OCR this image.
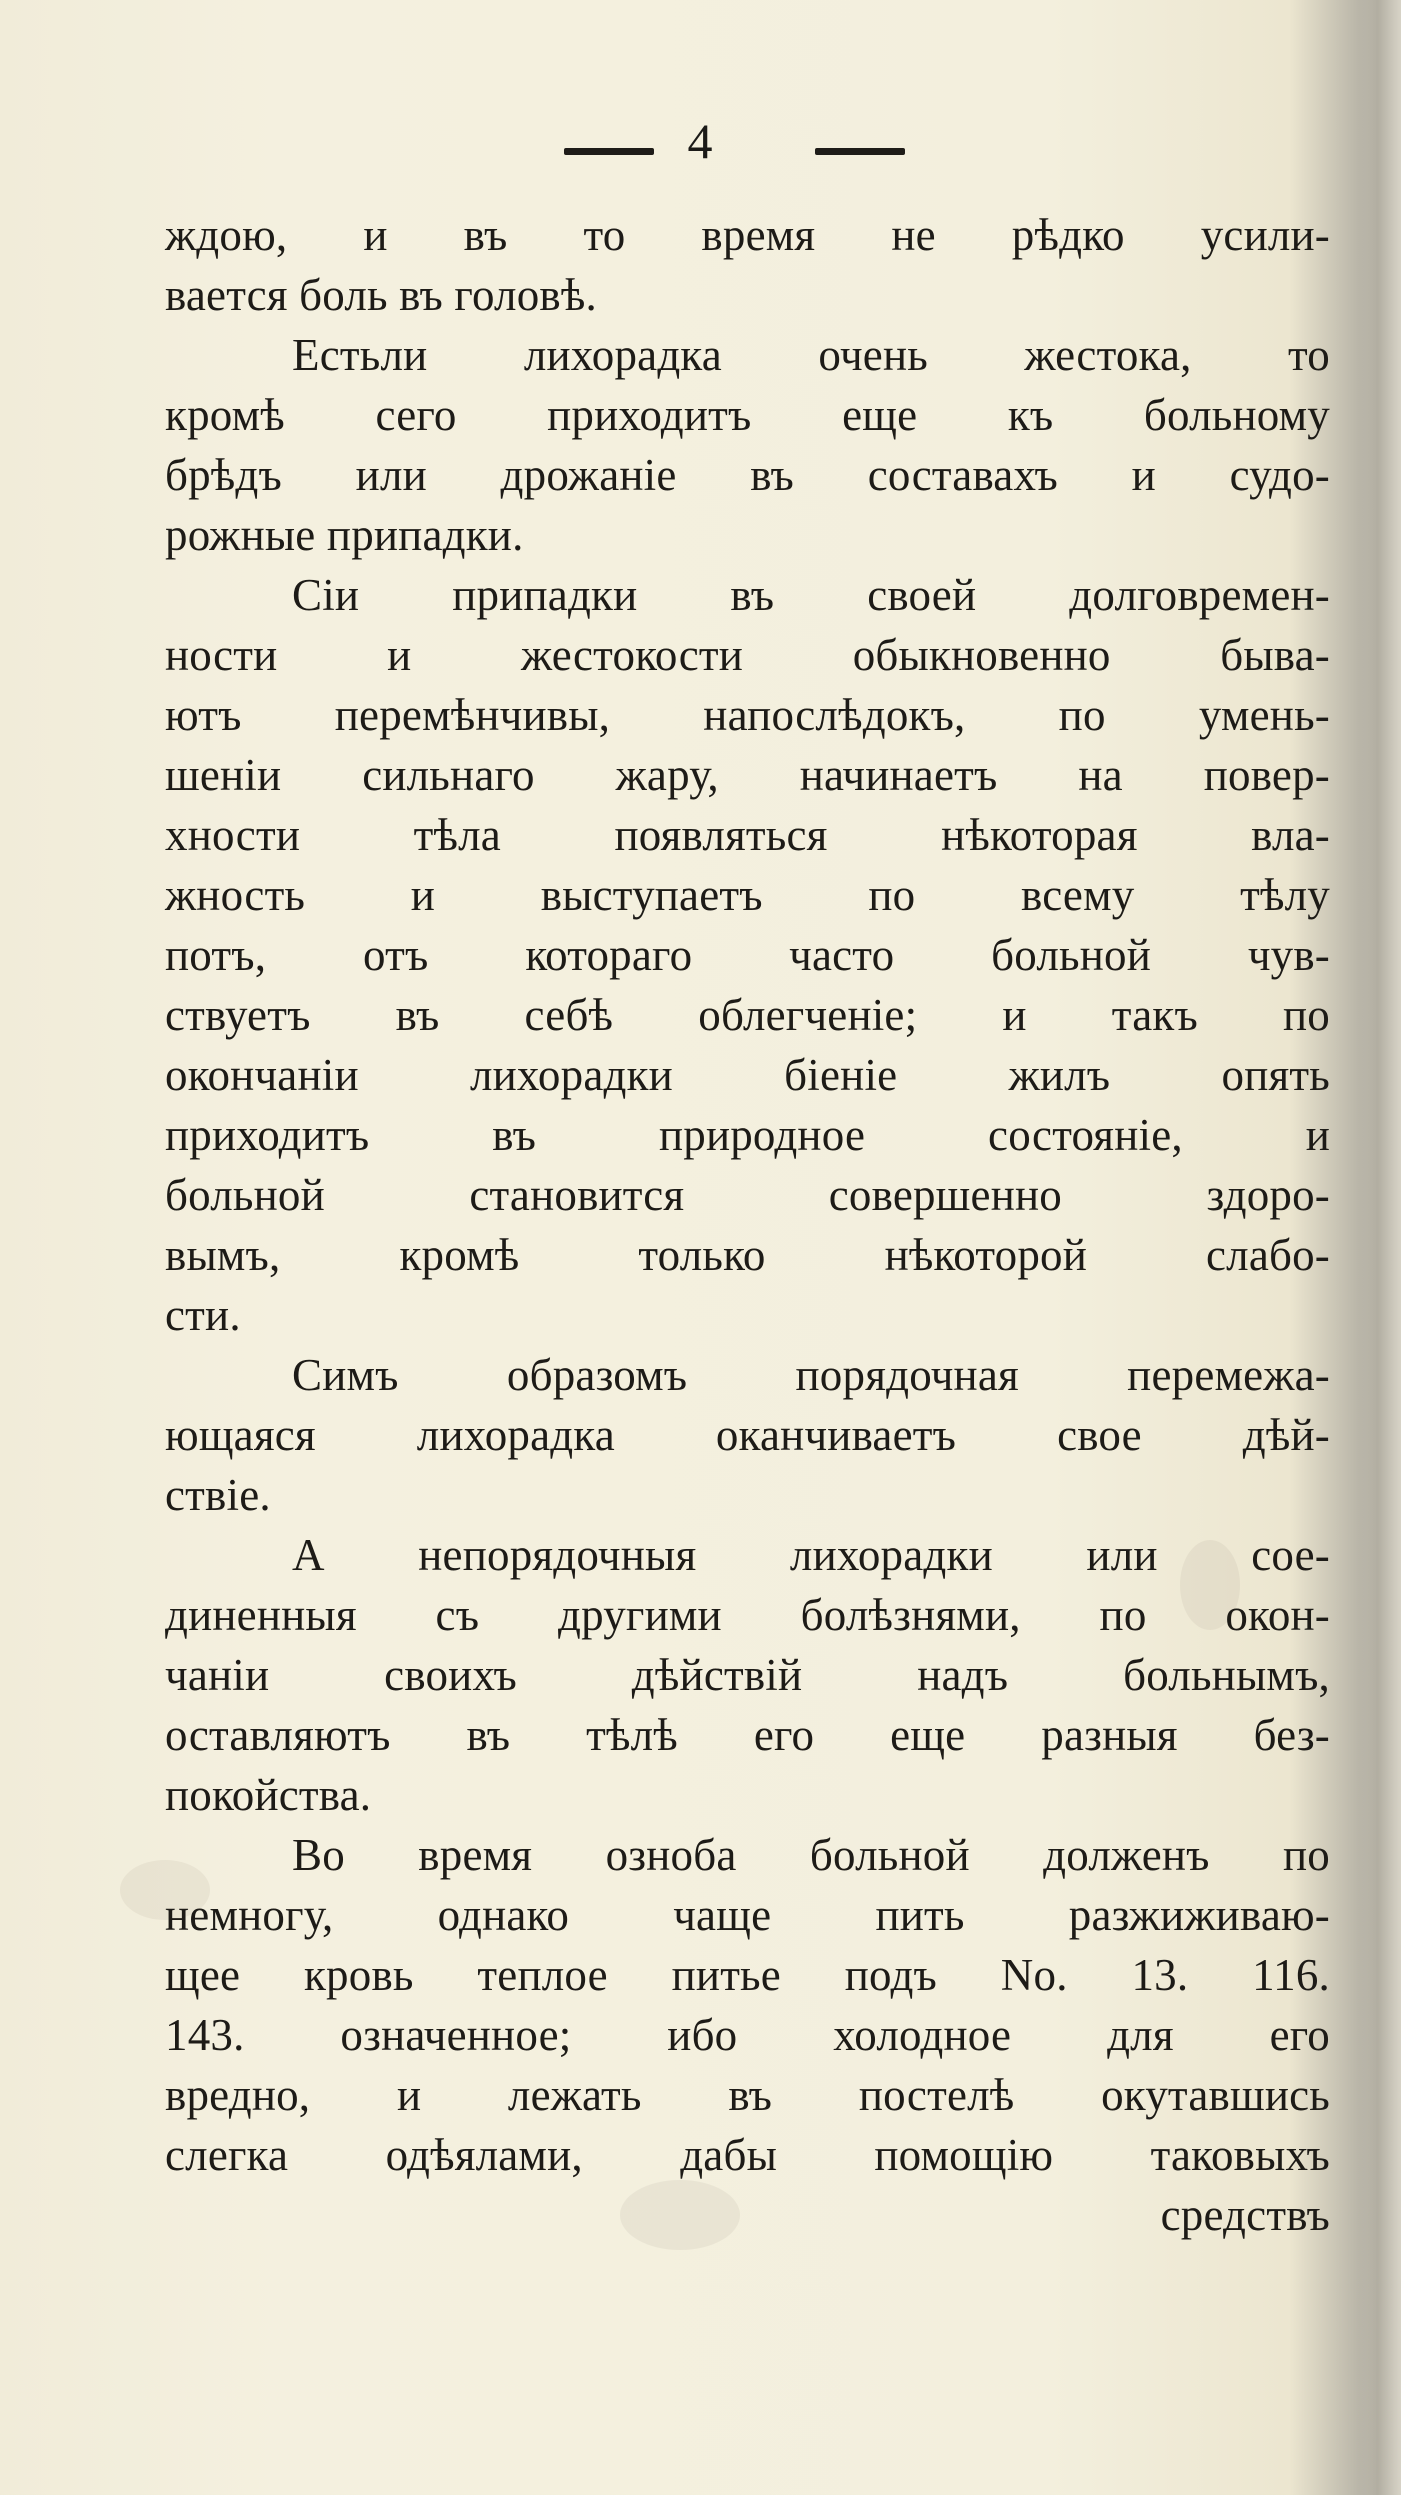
4
ждою, и въ то время не рѣдко усили-
вается боль въ головѣ.
Естьли лихорадка очень жестока, то
кромѣ сего приходитъ еще къ больному
брѣдъ или дрожаніе въ составахъ и судо-
рожные припадки.
Сіи припадки въ своей долговремен-
ности и жестокости обыкновенно быва-
ютъ перемѣнчивы, напослѣдокъ, по умень-
шеніи сильнаго жару, начинаетъ на повер-
хности тѣла появляться нѣкоторая вла-
жность и выступаетъ по всему тѣлу
потъ, отъ котораго часто больной чув-
ствуетъ въ себѣ облегченіе; и такъ по
окончаніи лихорадки біеніе жилъ опять
приходитъ въ природное состояніе, и
больной становится совершенно здоро-
вымъ, кромѣ только нѣкоторой слабо-
сти.
Симъ образомъ порядочная перемежа-
ющаяся лихорадка оканчиваетъ свое дѣй-
ствіе.
А непорядочныя лихорадки или сое-
диненныя съ другими болѣзнями, по окон-
чаніи своихъ дѣйствій надъ больнымъ,
оставляютъ въ тѣлѣ его еще разныя без-
покойства.
Во время озноба больной долженъ по
немногу, однако чаще пить разжиживаю-
щее кровь теплое питье подъ No. 13. 116.
143. означенное; ибо холодное для его
вредно, и лежать въ постелѣ окутавшись
слегка одѣялами, дабы помощію таковыхъ
средствъ
